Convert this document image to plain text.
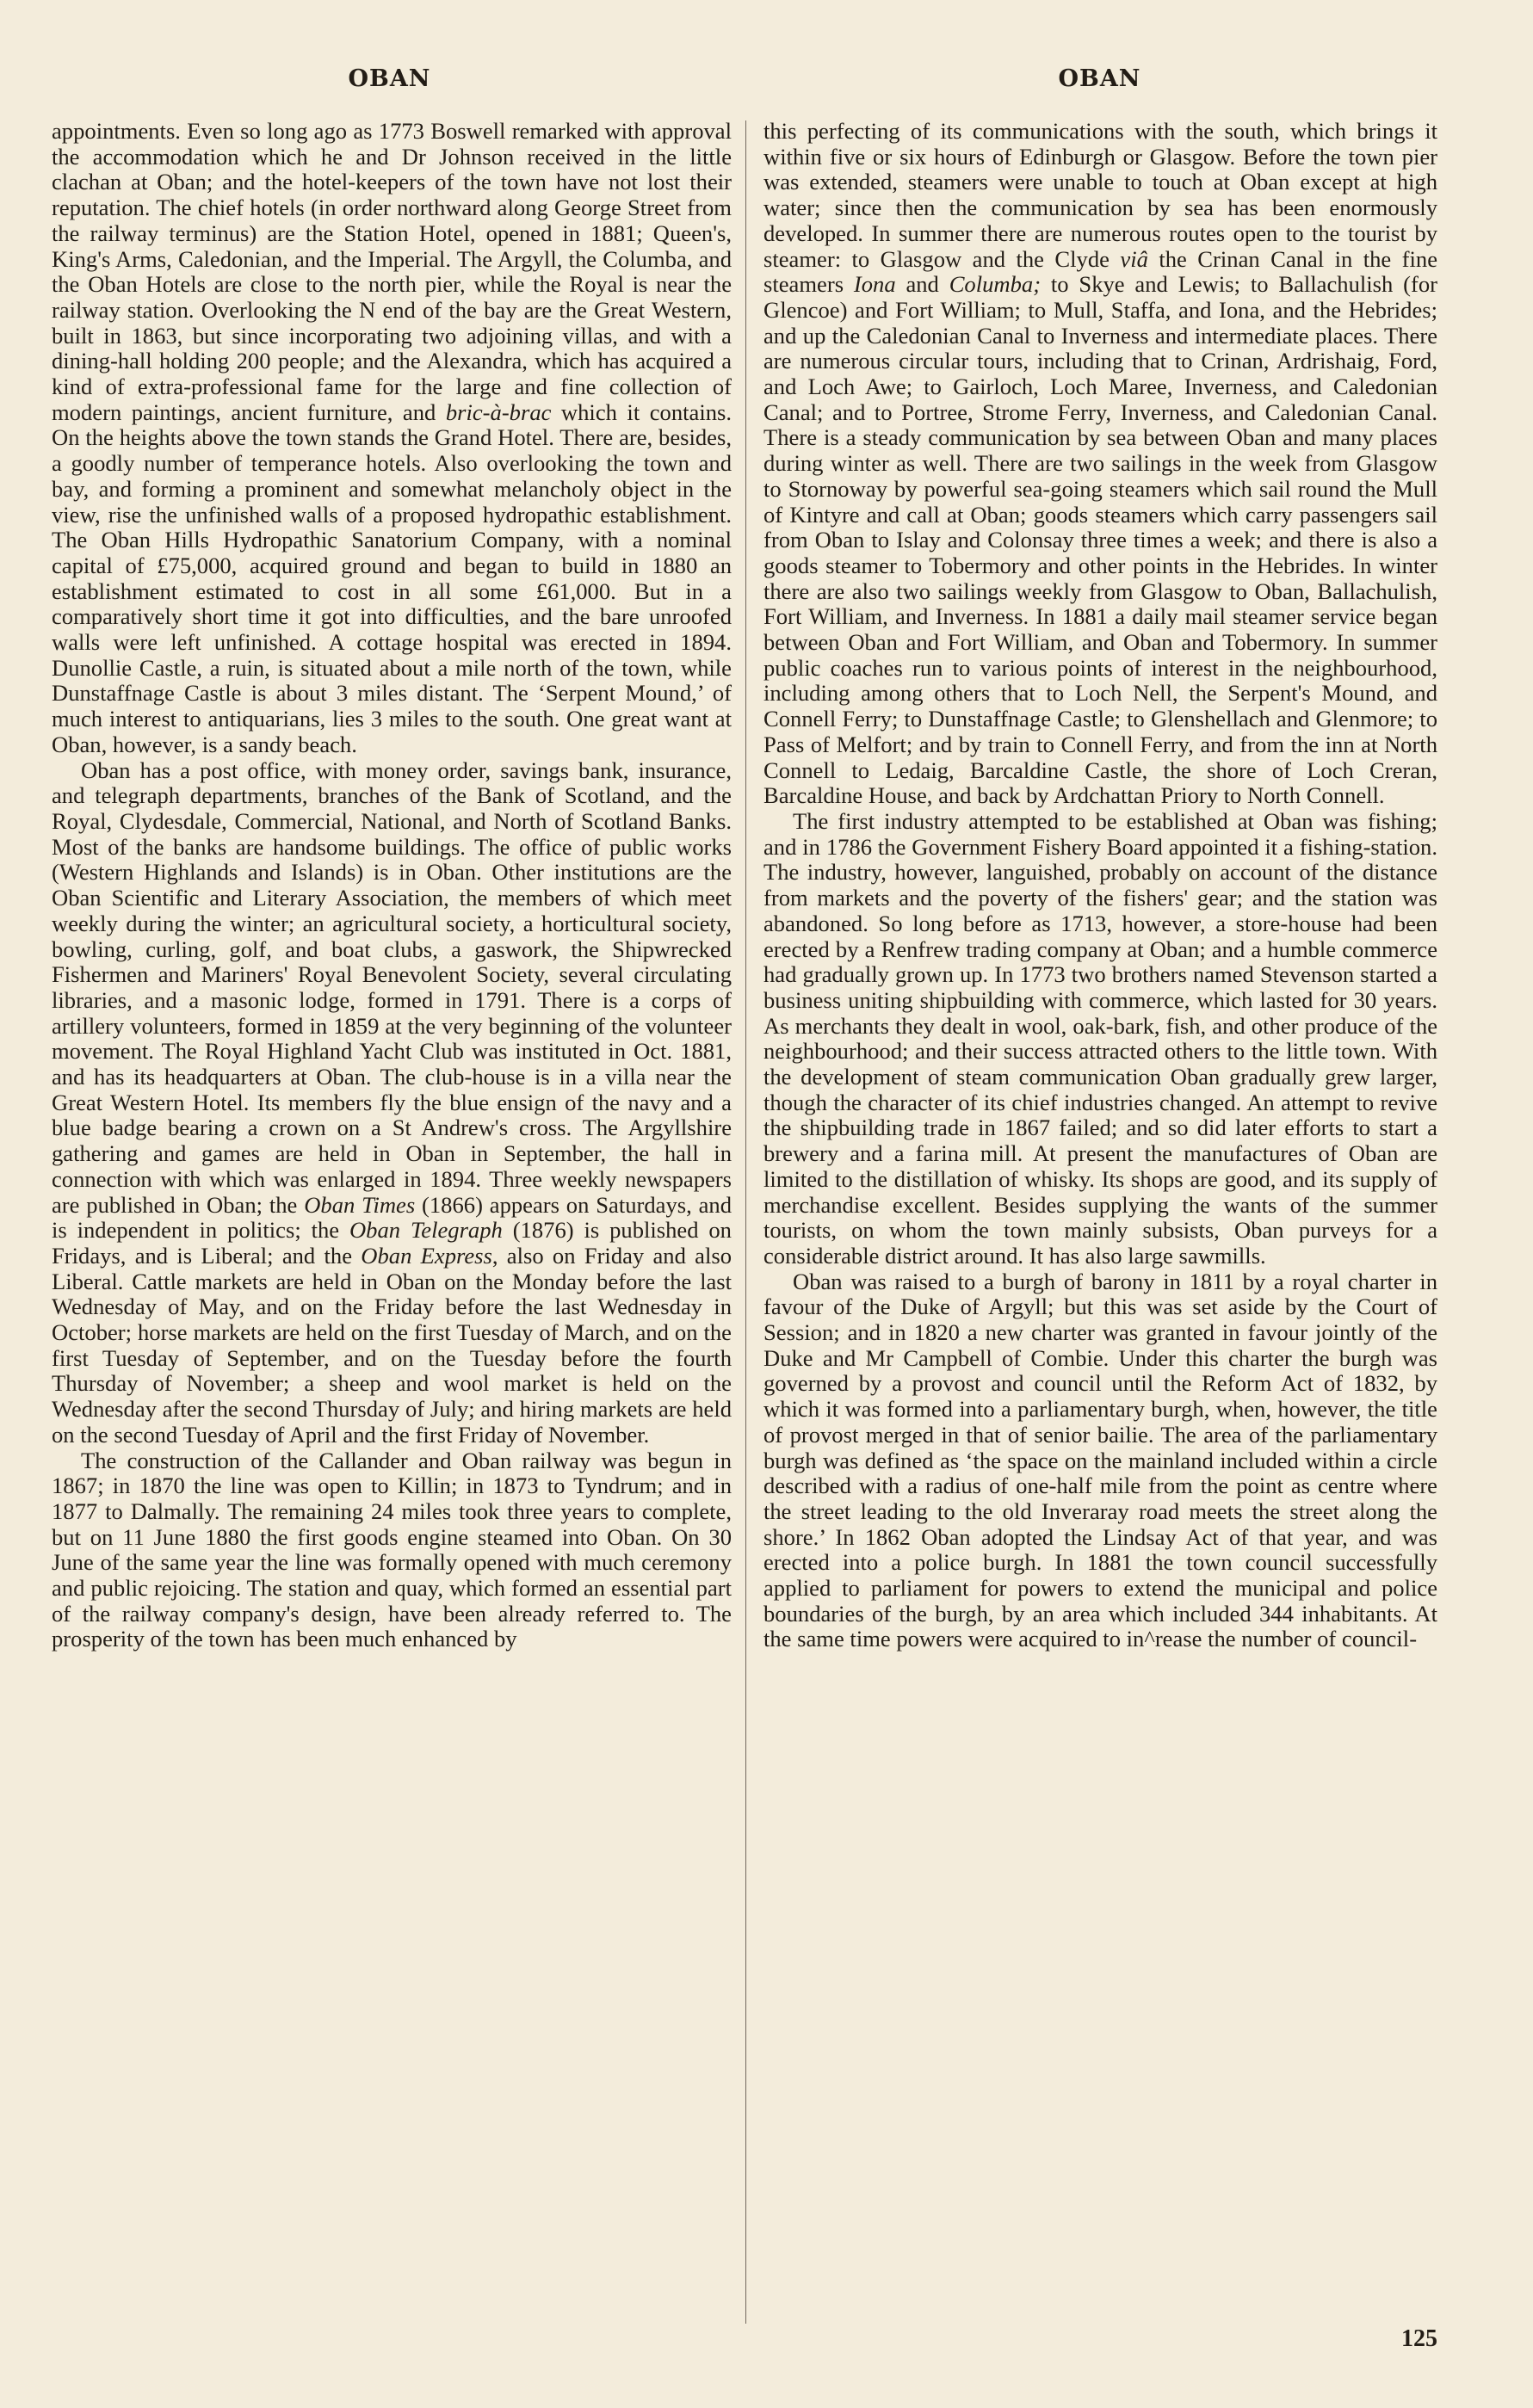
OBAN	OBAN

appointments. Even so long ago as 1773 Boswell remarked with approval the accommodation which he and Dr Johnson received in the little clachan at Oban; and the hotel-keepers of the town have not lost their reputation. The chief hotels (in order northward along George Street from the railway terminus) are the Station Hotel, opened in 1881; Queen's, King's Arms, Caledonian, and the Imperial. The Argyll, the Columba, and the Oban Hotels are close to the north pier, while the Royal is near the railway station. Overlooking the N end of the bay are the Great Western, built in 1863, but since incorporating two adjoining villas, and with a dining-hall holding 200 people; and the Alexandra, which has acquired a kind of extra-professional fame for the large and fine collection of modern paintings, ancient furniture, and bric-à-brac which it contains. On the heights above the town stands the Grand Hotel. There are, besides, a goodly number of temperance hotels. Also overlooking the town and bay, and forming a prominent and somewhat melancholy object in the view, rise the unfinished walls of a proposed hydropathic establishment. The Oban Hills Hydropathic Sanatorium Company, with a nominal capital of £75,000, acquired ground and began to build in 1880 an establishment estimated to cost in all some £61,000. But in a comparatively short time it got into difficulties, and the bare unroofed walls were left unfinished. A cottage hospital was erected in 1894. Dunollie Castle, a ruin, is situated about a mile north of the town, while Dunstaffnage Castle is about 3 miles distant. The ‘Serpent Mound,’ of much interest to antiquarians, lies 3 miles to the south. One great want at Oban, however, is a sandy beach.

Oban has a post office, with money order, savings bank, insurance, and telegraph departments, branches of the Bank of Scotland, and the Royal, Clydesdale, Commercial, National, and North of Scotland Banks. Most of the banks are handsome buildings. The office of public works (Western Highlands and Islands) is in Oban. Other institutions are the Oban Scientific and Literary Association, the members of which meet weekly during the winter; an agricultural society, a horticultural society, bowling, curling, golf, and boat clubs, a gaswork, the Shipwrecked Fishermen and Mariners' Royal Benevolent Society, several circulating libraries, and a masonic lodge, formed in 1791. There is a corps of artillery volunteers, formed in 1859 at the very beginning of the volunteer movement. The Royal Highland Yacht Club was instituted in Oct. 1881, and has its headquarters at Oban. The club-house is in a villa near the Great Western Hotel. Its members fly the blue ensign of the navy and a blue badge bearing a crown on a St Andrew's cross. The Argyllshire gathering and games are held in Oban in September, the hall in connection with which was enlarged in 1894. Three weekly newspapers are published in Oban; the Oban Times (1866) appears on Saturdays, and is independent in politics; the Oban Telegraph (1876) is published on Fridays, and is Liberal; and the Oban Express, also on Friday and also Liberal. Cattle markets are held in Oban on the Monday before the last Wednesday of May, and on the Friday before the last Wednesday in October; horse markets are held on the first Tuesday of March, and on the first Tuesday of September, and on the Tuesday before the fourth Thursday of November; a sheep and wool market is held on the Wednesday after the second Thursday of July; and hiring markets are held on the second Tuesday of April and the first Friday of November.

The construction of the Callander and Oban railway was begun in 1867; in 1870 the line was open to Killin; in 1873 to Tyndrum; and in 1877 to Dalmally. The remaining 24 miles took three years to complete, but on 11 June 1880 the first goods engine steamed into Oban. On 30 June of the same year the line was formally opened with much ceremony and public rejoicing. The station and quay, which formed an essential part of the railway company's design, have been already referred to. The prosperity of the town has been much enhanced by

this perfecting of its communications with the south, which brings it within five or six hours of Edinburgh or Glasgow. Before the town pier was extended, steamers were unable to touch at Oban except at high water; since then the communication by sea has been enormously developed. In summer there are numerous routes open to the tourist by steamer: to Glasgow and the Clyde viâ the Crinan Canal in the fine steamers Iona and Columba; to Skye and Lewis; to Ballachulish (for Glencoe) and Fort William; to Mull, Staffa, and Iona, and the Hebrides; and up the Caledonian Canal to Inverness and intermediate places. There are numerous circular tours, including that to Crinan, Ardrishaig, Ford, and Loch Awe; to Gairloch, Loch Maree, Inverness, and Caledonian Canal; and to Portree, Strome Ferry, Inverness, and Caledonian Canal. There is a steady communication by sea between Oban and many places during winter as well. There are two sailings in the week from Glasgow to Stornoway by powerful sea-going steamers which sail round the Mull of Kintyre and call at Oban; goods steamers which carry passengers sail from Oban to Islay and Colonsay three times a week; and there is also a goods steamer to Tobermory and other points in the Hebrides. In winter there are also two sailings weekly from Glasgow to Oban, Ballachulish, Fort William, and Inverness. In 1881 a daily mail steamer service began between Oban and Fort William, and Oban and Tobermory. In summer public coaches run to various points of interest in the neighbourhood, including among others that to Loch Nell, the Serpent's Mound, and Connell Ferry; to Dunstaffnage Castle; to Glenshellach and Glenmore; to Pass of Melfort; and by train to Connell Ferry, and from the inn at North Connell to Ledaig, Barcaldine Castle, the shore of Loch Creran, Barcaldine House, and back by Ardchattan Priory to North Connell.

The first industry attempted to be established at Oban was fishing; and in 1786 the Government Fishery Board appointed it a fishing-station. The industry, however, languished, probably on account of the distance from markets and the poverty of the fishers' gear; and the station was abandoned. So long before as 1713, however, a store-house had been erected by a Renfrew trading company at Oban; and a humble commerce had gradually grown up. In 1773 two brothers named Stevenson started a business uniting shipbuilding with commerce, which lasted for 30 years. As merchants they dealt in wool, oak-bark, fish, and other produce of the neighbourhood; and their success attracted others to the little town. With the development of steam communication Oban gradually grew larger, though the character of its chief industries changed. An attempt to revive the shipbuilding trade in 1867 failed; and so did later efforts to start a brewery and a farina mill. At present the manufactures of Oban are limited to the distillation of whisky. Its shops are good, and its supply of merchandise excellent. Besides supplying the wants of the summer tourists, on whom the town mainly subsists, Oban purveys for a considerable district around. It has also large sawmills.

Oban was raised to a burgh of barony in 1811 by a royal charter in favour of the Duke of Argyll; but this was set aside by the Court of Session; and in 1820 a new charter was granted in favour jointly of the Duke and Mr Campbell of Combie. Under this charter the burgh was governed by a provost and council until the Reform Act of 1832, by which it was formed into a parliamentary burgh, when, however, the title of provost merged in that of senior bailie. The area of the parliamentary burgh was defined as ‘the space on the mainland included within a circle described with a radius of one-half mile from the point as centre where the street leading to the old Inveraray road meets the street along the shore.’ In 1862 Oban adopted the Lindsay Act of that year, and was erected into a police burgh. In 1881 the town council successfully applied to parliament for powers to extend the municipal and police boundaries of the burgh, by an area which included 344 inhabitants. At the same time powers were acquired to in^rease the number of council-

125
